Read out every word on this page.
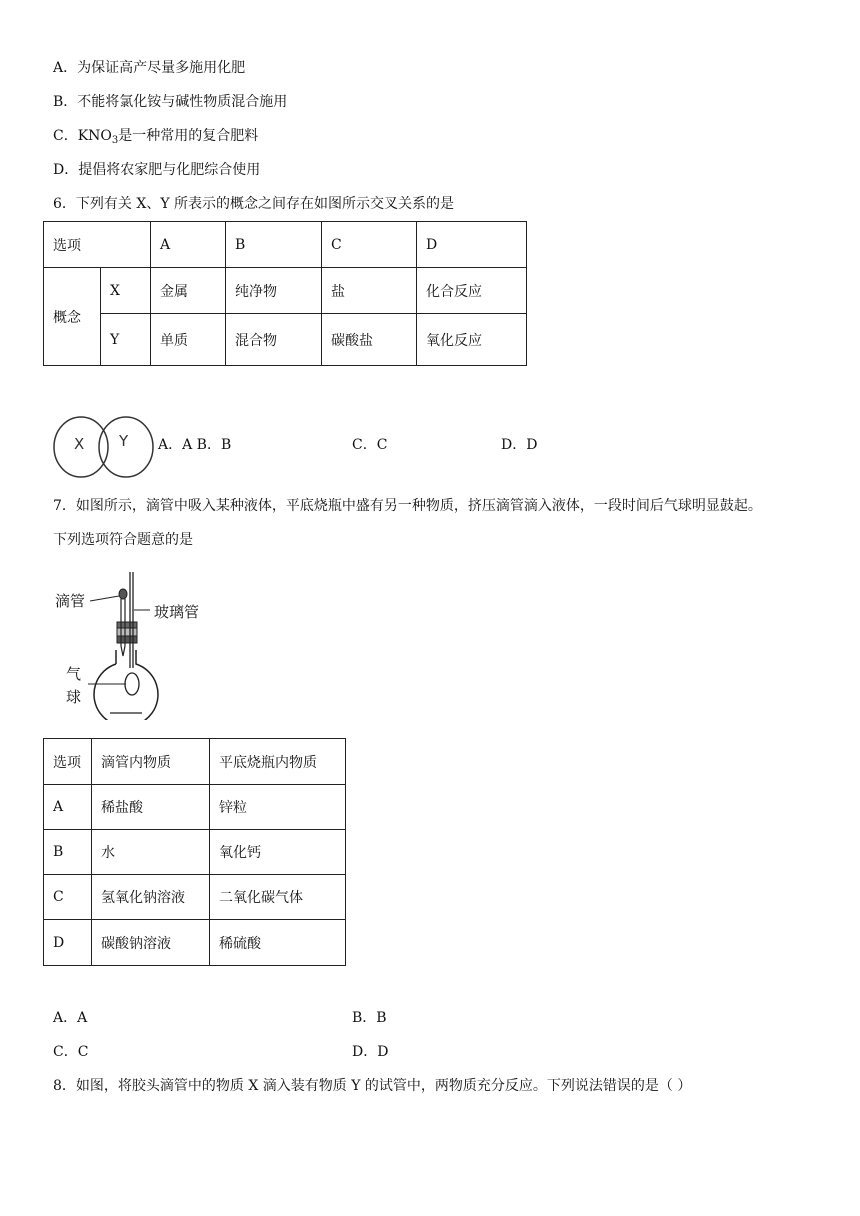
A．为保证高产尽量多施用化肥
B．不能将氯化铵与碱性物质混合施用
C．$KNO_3$是一种常用的复合肥料
D．提倡将农家肥与化肥综合使用
6．下列有关 X、Y 所表示的概念之间存在如图所示交叉关系的是
选项		A	B	C	D
概念	X	金属	纯净物	盐	化合反应
	Y	单质	混合物	碳酸盐	氧化反应
X Y A．A B．B	C．C	D．D
7．如图所示，滴管中吸入某种液体，平底烧瓶中盛有另一种物质，挤压滴管滴入液体，一段时间后气球明显鼓起。
下列选项符合题意的是
滴管
玻璃管
气
球
选项	滴管内物质	平底烧瓶内物质
A	稀盐酸	锌粒
B	水	氧化钙
C	氢氧化钠溶液	二氧化碳气体
D	碳酸钠溶液	稀硫酸
A．A	B．B
C．C	D．D
8．如图，将胶头滴管中的物质 X 滴入装有物质 Y 的试管中，两物质充分反应。下列说法错误的是（ ）
